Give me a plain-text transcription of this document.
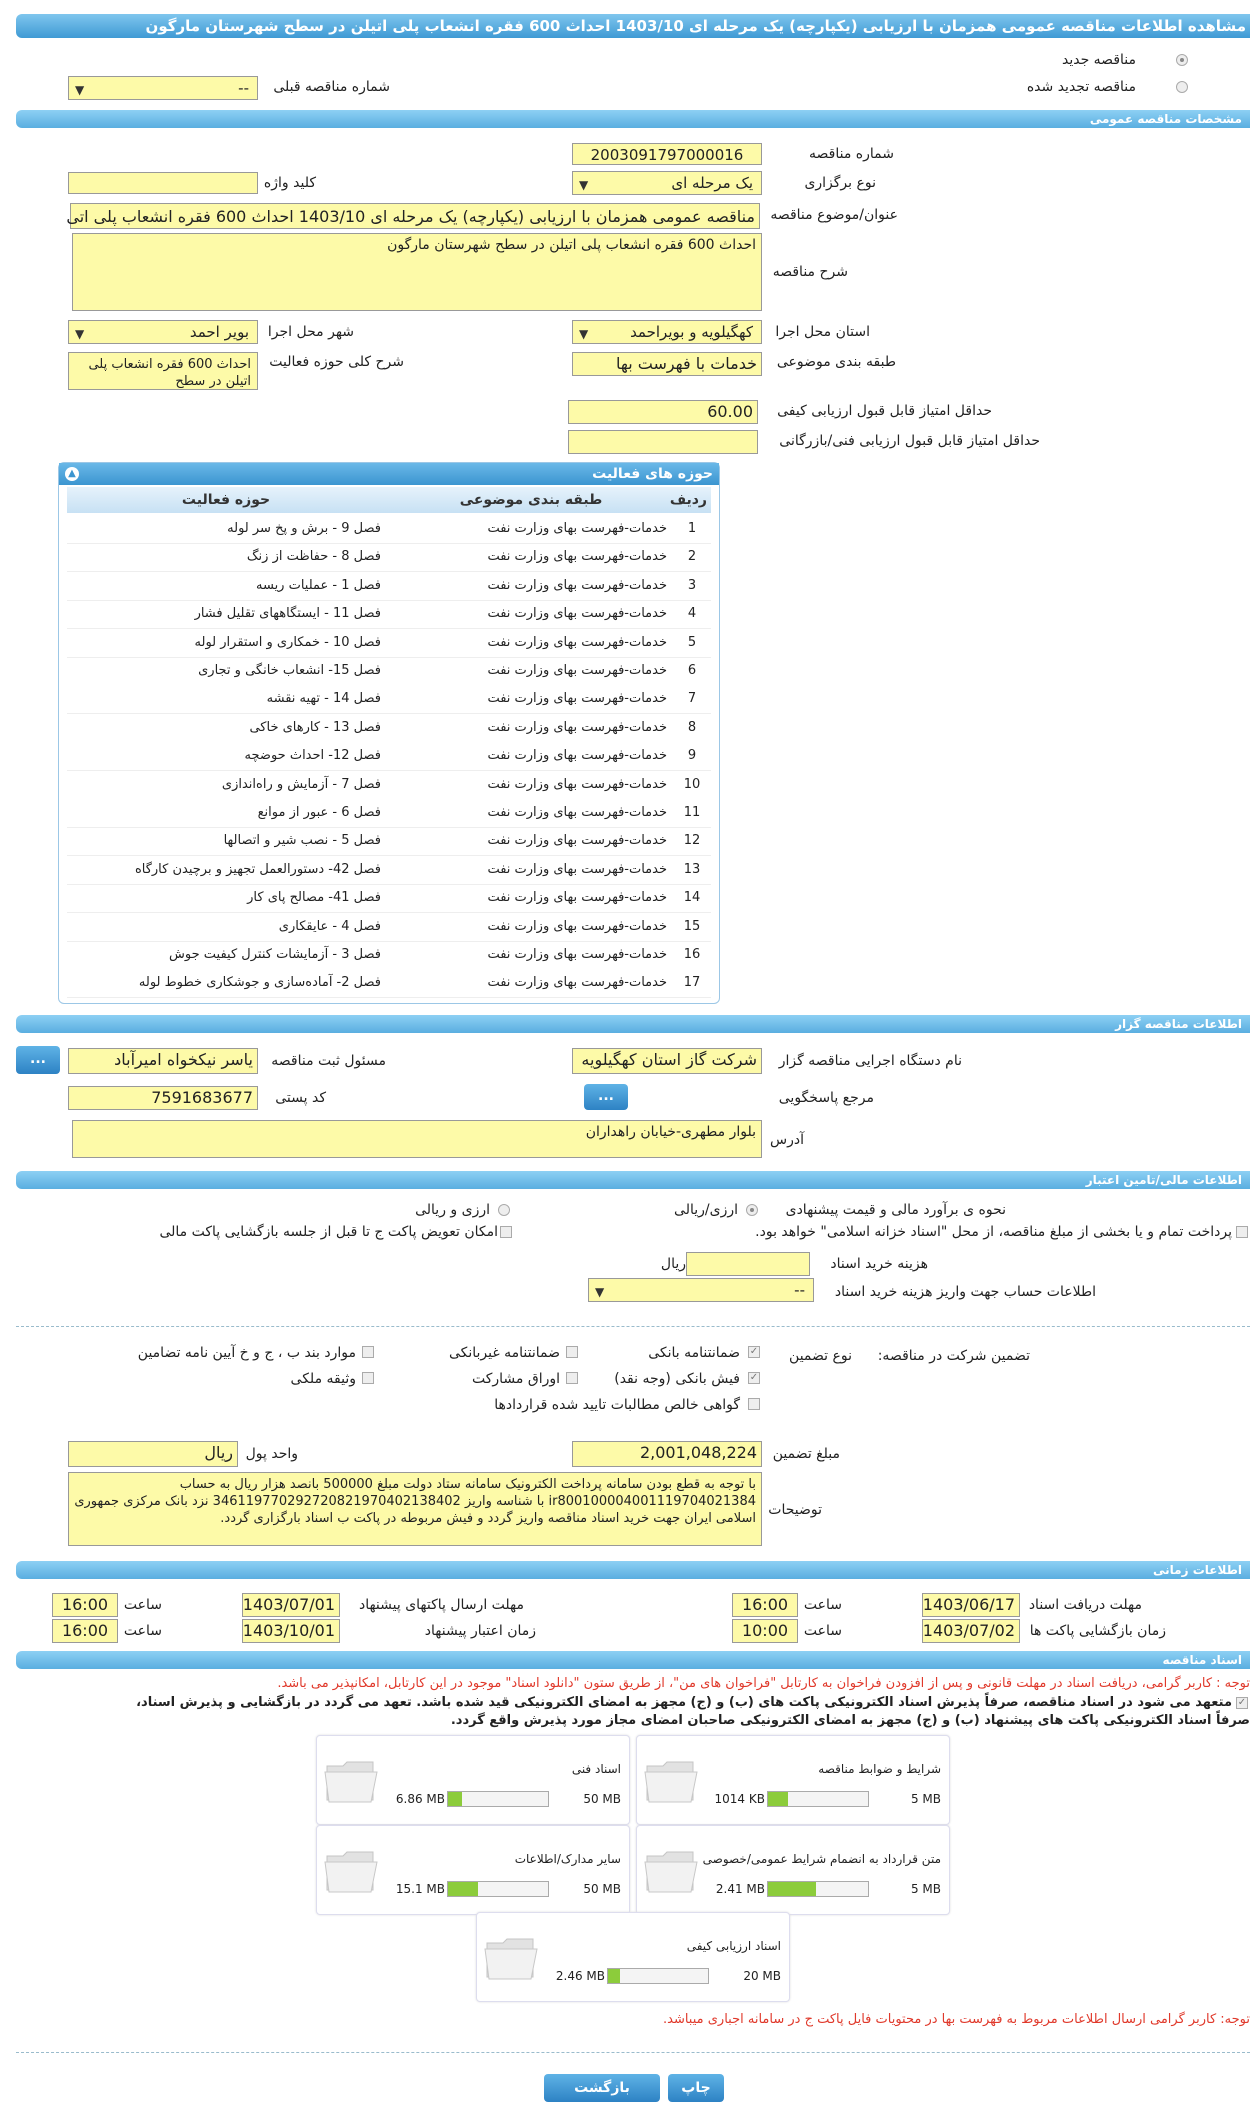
مشاهده اطلاعات مناقصه عمومی همزمان با ارزیابی (یکپارچه) یک مرحله ای 1403/10 احداث 600 فقره انشعاب پلی اتیلن در سطح شهرستان مارگون
مناقصه جدید
مناقصه تجدید شده
شماره مناقصه قبلی
--
▼
مشخصات مناقصه عمومی
شماره مناقصه
2003091797000016
نوع برگزاری
یک مرحله ای
▼
کلید واژه
عنوان/موضوع مناقصه
مناقصه عمومی همزمان با ارزیابی (یکپارچه) یک مرحله ای 1403/10 احداث 600 فقره انشعاب پلی اتی
شرح مناقصه
احداث 600 فقره انشعاب پلی اتیلن در سطح شهرستان مارگون
استان محل اجرا
کهگیلویه و بویراحمد
▼
شهر محل اجرا
بویر احمد
▼
طبقه بندی موضوعی
خدمات با فهرست بها
شرح کلی حوزه فعالیت
احداث 600 فقره انشعاب پلی اتیلن در سطح
حداقل امتیاز قابل قبول ارزیابی کیفی
60.00
حداقل امتیاز قابل قبول ارزیابی فنی/بازرگانی
حوزه های فعالیت
▲
ردیف
طبقه بندی موضوعی
حوزه فعالیت
1
خدمات-فهرست بهای وزارت نفت
فصل 9 - برش و پخ سر لوله
2
خدمات-فهرست بهای وزارت نفت
فصل 8 - حفاظت از زنگ
3
خدمات-فهرست بهای وزارت نفت
فصل 1 - عملیات ریسه
4
خدمات-فهرست بهای وزارت نفت
فصل 11 - ایستگاههای تقلیل فشار
5
خدمات-فهرست بهای وزارت نفت
فصل 10 - خمکاری و استقرار لوله
6
خدمات-فهرست بهای وزارت نفت
فصل 15- انشعاب خانگی و تجاری
7
خدمات-فهرست بهای وزارت نفت
فصل 14 - تهیه نقشه
8
خدمات-فهرست بهای وزارت نفت
فصل 13 - کارهای خاکی
9
خدمات-فهرست بهای وزارت نفت
فصل 12- احداث حوضچه
10
خدمات-فهرست بهای وزارت نفت
فصل 7 - آزمایش و راه‌اندازی
11
خدمات-فهرست بهای وزارت نفت
فصل 6 - عبور از موانع
12
خدمات-فهرست بهای وزارت نفت
فصل 5 - نصب شیر و اتصالها
13
خدمات-فهرست بهای وزارت نفت
فصل 42- دستورالعمل تجهیز و برچیدن کارگاه
14
خدمات-فهرست بهای وزارت نفت
فصل 41- مصالح پای کار
15
خدمات-فهرست بهای وزارت نفت
فصل 4 - عایقکاری
16
خدمات-فهرست بهای وزارت نفت
فصل 3 - آزمایشات کنترل کیفیت جوش
17
خدمات-فهرست بهای وزارت نفت
فصل 2- آمادەسازی و جوشکاری خطوط لوله
اطلاعات مناقصه گزار
نام دستگاه اجرایی مناقصه گزار
شرکت گاز استان کهگیلویه
مسئول ثبت مناقصه
یاسر نیکخواه امیرآباد
...
مرجع پاسخگویی
...
کد پستی
7591683677
آدرس
بلوار مطهری-خیابان راهداران
اطلاعات مالی/تامین اعتبار
نحوه ی برآورد مالی و قیمت پیشنهادی
ارزی/ریالی
ارزی و ریالی
پرداخت تمام و یا بخشی از مبلغ مناقصه، از محل "اسناد خزانه اسلامی" خواهد بود.
امکان تعویض پاکت ج تا قبل از جلسه بازگشایی پاکت مالی
هزینه خرید اسناد
ریال
اطلاعات حساب جهت واریز هزینه خرید اسناد
--
▼
تضمین شرکت در مناقصه:
نوع تضمین
✓
ضمانتنامه بانکی
ضمانتنامه غیربانکی
موارد بند ب ، ج و خ آیین نامه تضامین
✓
فیش بانکی (وجه نقد)
اوراق مشارکت
وثیقه ملکی
گواهی خالص مطالبات تایید شده قراردادها
مبلغ تضمین
2,001,048,224
واحد پول
ریال
توضیحات
با توجه به قطع بودن سامانه پرداخت الکترونیک سامانه ستاد دولت مبلغ 500000 بانصد هزار ریال به حساب ir800100004001119704021384 با شناسه واریز 346119770292720821970402138402 نزد بانک مرکزی جمهوری اسلامی ایران جهت خرید اسناد مناقصه واریز گردد و فیش مربوطه در پاکت ب اسناد بارگزاری گردد.
اطلاعات زمانی
مهلت دریافت اسناد
1403/06/17
ساعت
16:00
مهلت ارسال پاکتهای پیشنهاد
1403/07/01
ساعت
16:00
زمان بازگشایی پاکت ها
1403/07/02
ساعت
10:00
زمان اعتبار پیشنهاد
1403/10/01
ساعت
16:00
اسناد مناقصه
توجه : کاربر گرامی، دریافت اسناد در مهلت قانونی و پس از افزودن فراخوان به کارتابل "فراخوان های من"، از طریق ستون "دانلود اسناد" موجود در این کارتابل، امکانپذیر می باشد.
✓
متعهد می شود در اسناد مناقصه، صرفاً پذیرش اسناد الکترونیکی پاکت های (ب) و (ج) مجهز به امضای الکترونیکی قید شده باشد. تعهد می گردد در بازگشایی و پذیرش اسناد،
صرفاً اسناد الکترونیکی پاکت های پیشنهاد (ب) و (ج) مجهز به امضای الکترونیکی صاحبان امضای مجاز مورد پذیرش واقع گردد.
شرایط و ضوابط مناقصه
5 MB
1014 KB
اسناد فنی
50 MB
6.86 MB
متن قرارداد به انضمام شرایط عمومی/خصوصی
5 MB
2.41 MB
سایر مدارک/اطلاعات
50 MB
15.1 MB
اسناد ارزیابی کیفی
20 MB
2.46 MB
توجه: کاربر گرامی ارسال اطلاعات مربوط به فهرست بها در محتویات فایل پاکت ج در سامانه اجباری میباشد.
چاپ
بازگشت
